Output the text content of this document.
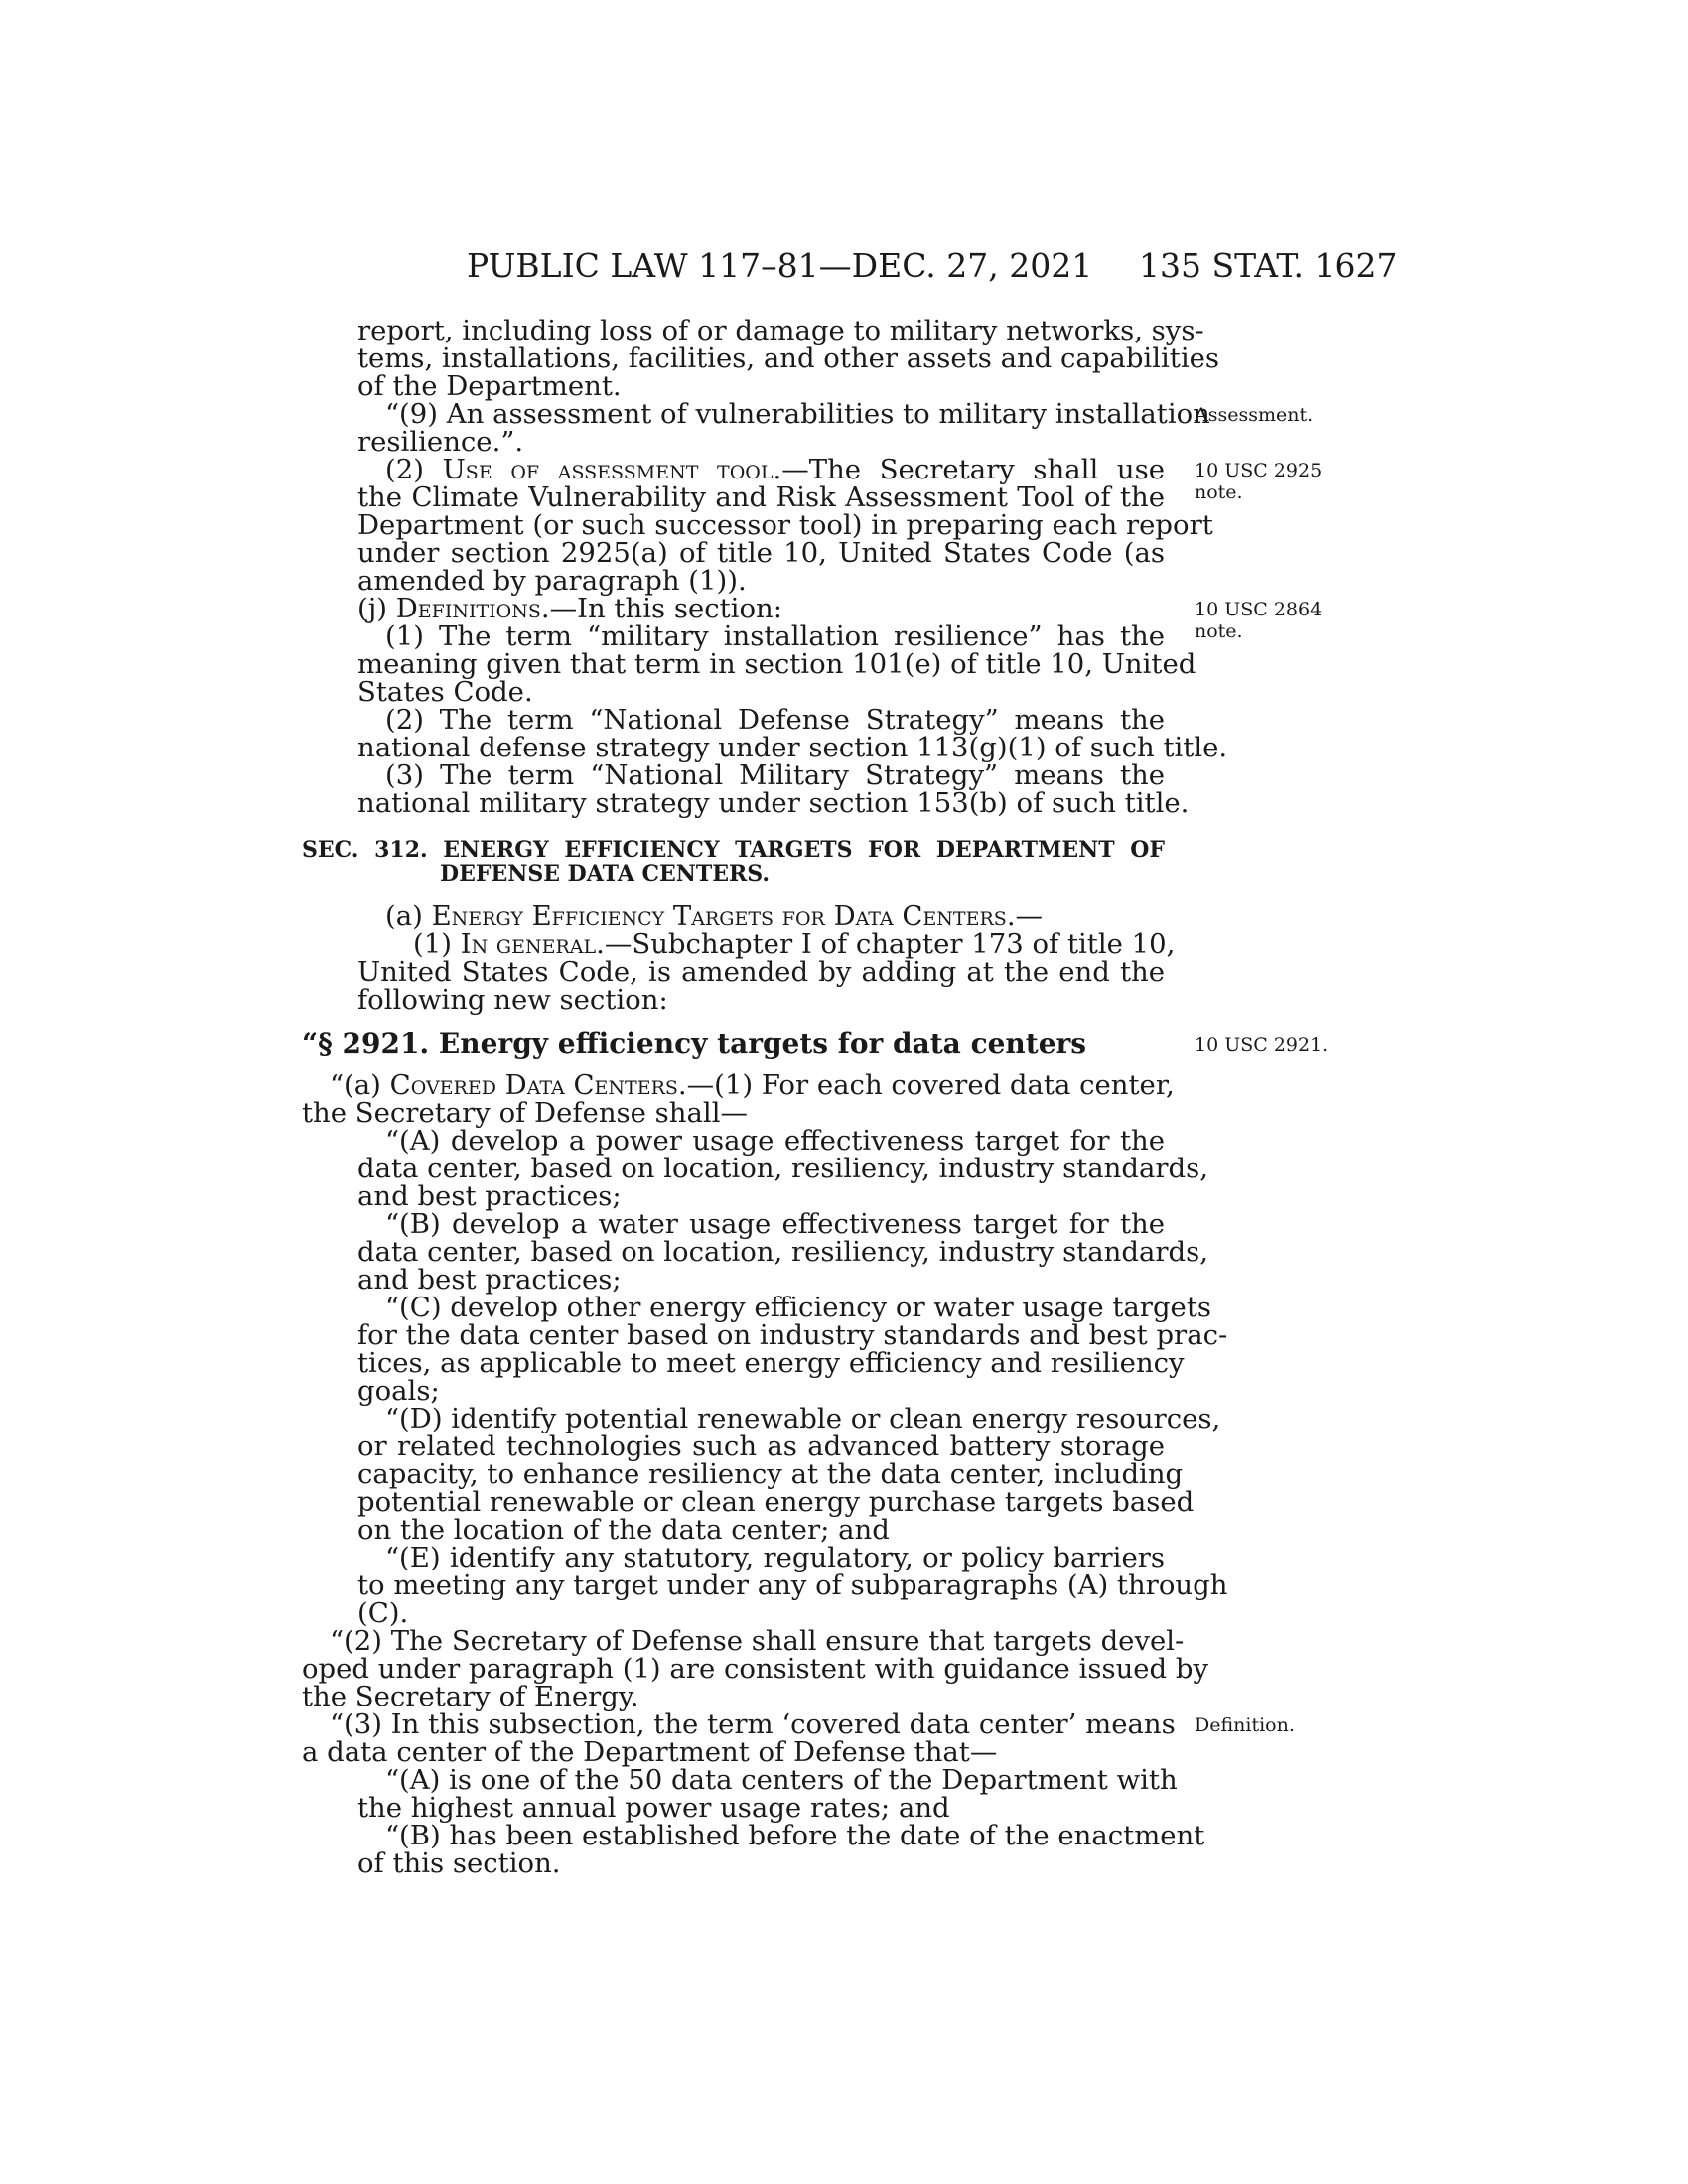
PUBLIC LAW 117–81—DEC. 27, 2021 135 STAT. 1627
report, including loss of or damage to military networks, sys-
tems, installations, facilities, and other assets and capabilities
of the Department.
“(9) An assessment of vulnerabilities to military installation
resilience.”.
(2) Use of assessment tool.—The Secretary shall use
the Climate Vulnerability and Risk Assessment Tool of the
Department (or such successor tool) in preparing each report
under section 2925(a) of title 10, United States Code (as
amended by paragraph (1)).
(j) Definitions.—In this section:
(1) The term “military installation resilience” has the
meaning given that term in section 101(e) of title 10, United
States Code.
(2) The term “National Defense Strategy” means the
national defense strategy under section 113(g)(1) of such title.
(3) The term “National Military Strategy” means the
national military strategy under section 153(b) of such title.
SEC. 312. ENERGY EFFICIENCY TARGETS FOR DEPARTMENT OF
DEFENSE DATA CENTERS.
(a) Energy Efficiency Targets for Data Centers.—
(1) In general.—Subchapter I of chapter 173 of title 10,
United States Code, is amended by adding at the end the
following new section:
“§ 2921. Energy efficiency targets for data centers
“(a) Covered Data Centers.—(1) For each covered data center,
the Secretary of Defense shall—
“(A) develop a power usage effectiveness target for the
data center, based on location, resiliency, industry standards,
and best practices;
“(B) develop a water usage effectiveness target for the
data center, based on location, resiliency, industry standards,
and best practices;
“(C) develop other energy efficiency or water usage targets
for the data center based on industry standards and best prac-
tices, as applicable to meet energy efficiency and resiliency
goals;
“(D) identify potential renewable or clean energy resources,
or related technologies such as advanced battery storage
capacity, to enhance resiliency at the data center, including
potential renewable or clean energy purchase targets based
on the location of the data center; and
“(E) identify any statutory, regulatory, or policy barriers
to meeting any target under any of subparagraphs (A) through
(C).
“(2) The Secretary of Defense shall ensure that targets devel-
oped under paragraph (1) are consistent with guidance issued by
the Secretary of Energy.
“(3) In this subsection, the term ‘covered data center’ means
a data center of the Department of Defense that—
“(A) is one of the 50 data centers of the Department with
the highest annual power usage rates; and
“(B) has been established before the date of the enactment
of this section.
Assessment.
10 USC 2925
note.
10 USC 2864
note.
10 USC 2921.
Definition.
